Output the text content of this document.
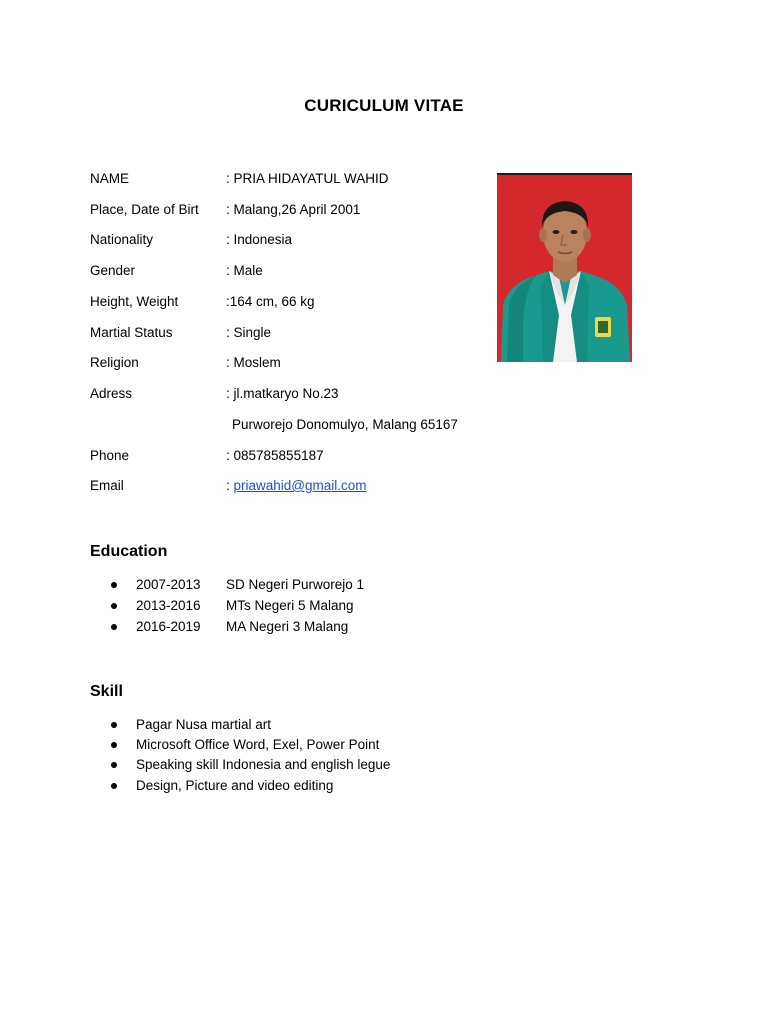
CURICULUM VITAE
NAME	: PRIA HIDAYATUL WAHID
Place, Date of Birt : Malang,26 April 2001
Nationality	: Indonesia
Gender	: Male
Height, Weight	:164 cm, 66 kg
Martial Status	: Single
Religion	: Moslem
Adress	: jl.matkaryo No.23
Purworejo Donomulyo, Malang 65167
Phone	: 085785855187
Email	: priawahid@gmail.com
Education
2007-2013 SD Negeri Purworejo 1
2013-2016 MTs Negeri 5 Malang
2016-2019 MA Negeri 3 Malang
Skill
Pagar Nusa martial art
Microsoft Office Word, Exel, Power Point
Speaking skill Indonesia and english legue
Design, Picture and video editing
